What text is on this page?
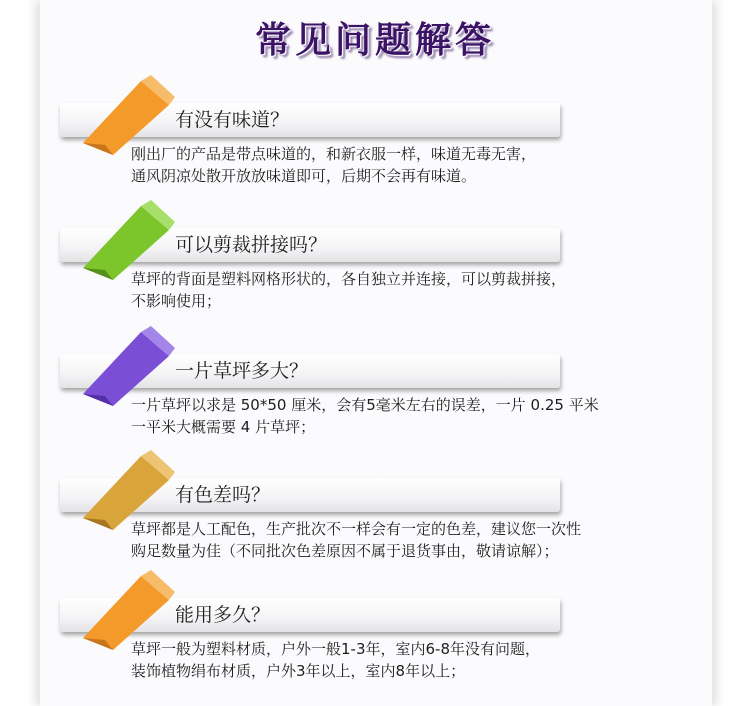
常见问题解答
有没有味道？
刚出厂的产品是带点味道的，和新衣服一样，味道无毒无害，
通风阴凉处散开放放味道即可，后期不会再有味道。
可以剪裁拼接吗？
草坪的背面是塑料网格形状的，各自独立并连接，可以剪裁拼接，
不影响使用；
一片草坪多大？
一片草坪以求是 50*50 厘米，会有5毫米左右的误差，一片 0.25 平米
一平米大概需要 4 片草坪；
有色差吗？
草坪都是人工配色，生产批次不一样会有一定的色差，建议您一次性
购足数量为佳（不同批次色差原因不属于退货事由，敬请谅解）；
能用多久？
草坪一般为塑料材质，户外一般1-3年，室内6-8年没有问题，
装饰植物绢布材质，户外3年以上，室内8年以上；
